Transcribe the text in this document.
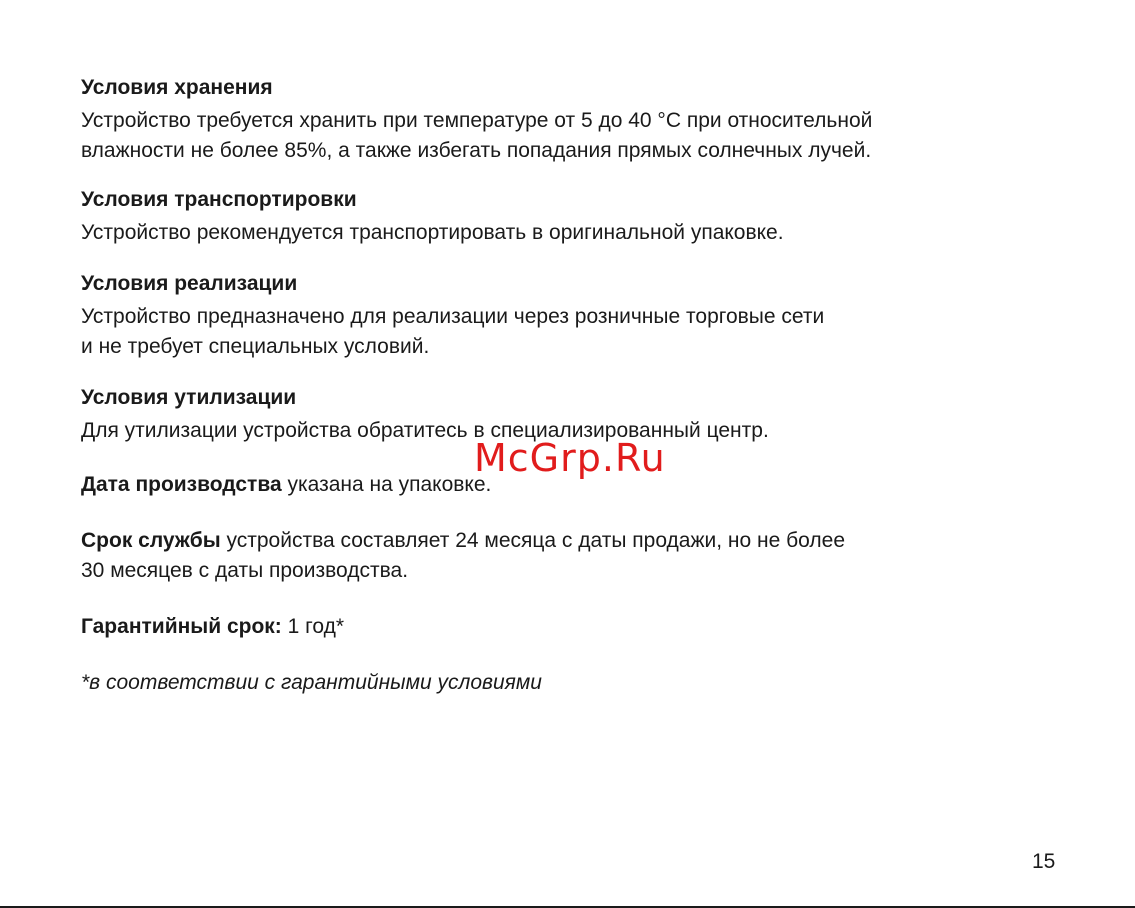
Условия хранения

Устройство требуется хранить при температуре от 5 до 40 °С при относительной
влажности не более 85%, а также избегать попадания прямых солнечных лучей.

Условия транспортировки

Устройство рекомендуется транспортировать в оригинальной упаковке.

Условия реализации

Устройство предназначено для реализации через розничные торговые сети
и не требует специальных условий.

Условия утилизации

Для утилизации устройства обратитесь в специализированный центр.

Дата производства указана на упаковке.

Срок службы устройства составляет 24 месяца с даты продажи, но не более
30 месяцев с даты производства.

Гарантийный срок: 1 год*

*в соответствии с гарантийными условиями

McGrp.Ru
15
